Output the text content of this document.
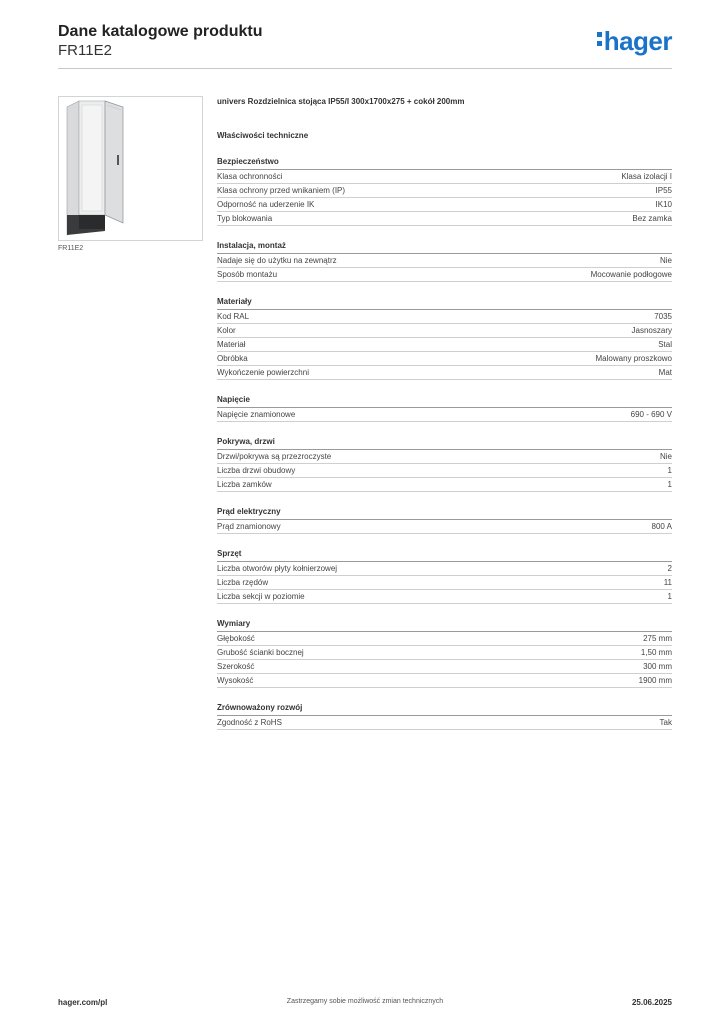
Dane katalogowe produktu
FR11E2	hager
FR11E2
univers Rozdzielnica stojąca IP55/I 300x1700x275 + cokół 200mm
Właściwości techniczne
Bezpieczeństwo
Klasa ochronności	Klasa izolacji I
Klasa ochrony przed wnikaniem (IP)	IP55
Odporność na uderzenie IK	IK10
Typ blokowania	Bez zamka
Instalacja, montaż
Nadaje się do użytku na zewnątrz	Nie
Sposób montażu	Mocowanie podłogowe
Materiały
Kod RAL	7035
Kolor	Jasnoszary
Materiał	Stal
Obróbka	Malowany proszkowo
Wykończenie powierzchni	Mat
Napięcie
Napięcie znamionowe	690 - 690 V
Pokrywa, drzwi
Drzwi/pokrywa są przezroczyste	Nie
Liczba drzwi obudowy	1
Liczba zamków	1
Prąd elektryczny
Prąd znamionowy	800 A
Sprzęt
Liczba otworów płyty kołnierzowej	2
Liczba rzędów	11
Liczba sekcji w poziomie	1
Wymiary
Głębokość	275 mm
Grubość ścianki bocznej	1,50 mm
Szerokość	300 mm
Wysokość	1900 mm
Zrównoważony rozwój
Zgodność z RoHS	Tak
hager.com/pl	Zastrzegamy sobie możliwość zmian technicznych	25.06.2025
